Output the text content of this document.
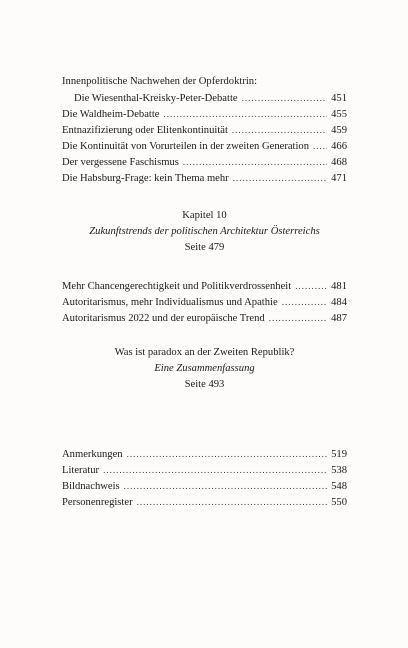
Innenpolitische Nachwehen der Opferdoktrin:
Die Wiesenthal-Kreisky-Peter-Debatte .....	451
Die Waldheim-Debatte .....	455
Entnazifizierung oder Elitenkontinuität .....	459
Die Kontinuität von Vorurteilen in der zweiten Generation ..... 466
Der vergessene Faschismus .....	468
Die Habsburg-Frage: kein Thema mehr .....	471
Kapitel 10
Zukunftstrends der politischen Architektur Österreichs
Seite 479
Mehr Chancengerechtigkeit und Politikverdrossenheit .....	481
Autoritarismus, mehr Individualismus und Apathie .....	484
Autoritarismus 2022 und der europäische Trend .....	487
Was ist paradox an der Zweiten Republik?
Eine Zusammenfassung
Seite 493
Anmerkungen .....	519
Literatur .....	538
Bildnachweis .....	548
Personenregister .....	550
